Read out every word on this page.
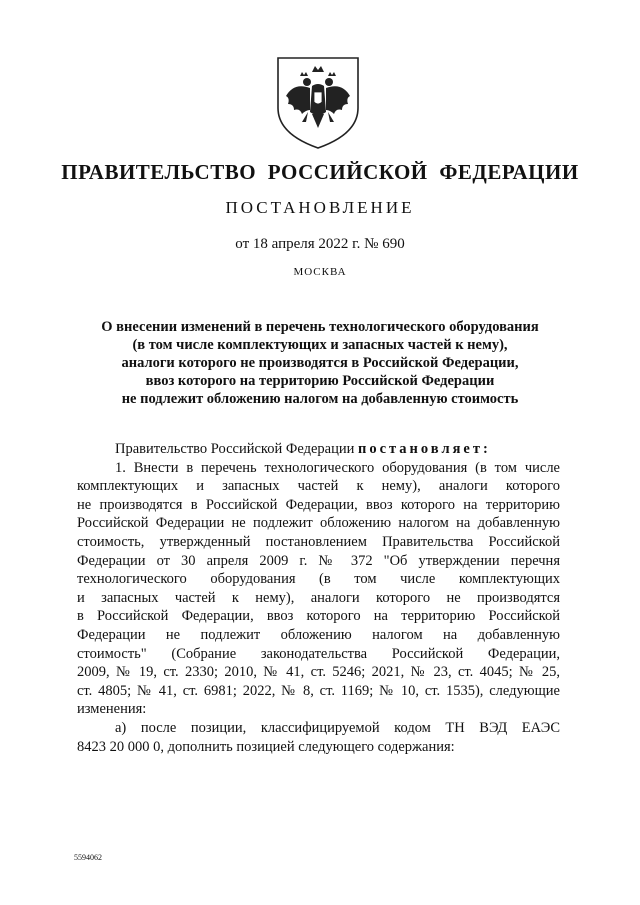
ПРАВИТЕЛЬСТВО РОССИЙСКОЙ ФЕДЕРАЦИИ
ПОСТАНОВЛЕНИЕ
от 18 апреля 2022 г. № 690
МОСКВА
О внесении изменений в перечень технологического оборудования
(в том числе комплектующих и запасных частей к нему),
аналоги которого не производятся в Российской Федерации,
ввоз которого на территорию Российской Федерации
не подлежит обложению налогом на добавленную стоимость
Правительство Российской Федерации постановляет:
1. Внести в перечень технологического оборудования (в том числе
комплектующих и запасных частей к нему), аналоги которого
не производятся в Российской Федерации, ввоз которого на территорию
Российской Федерации не подлежит обложению налогом на добавленную
стоимость, утвержденный постановлением Правительства Российской
Федерации от 30 апреля 2009 г. № 372 "Об утверждении перечня
технологического оборудования (в том числе комплектующих
и запасных частей к нему), аналоги которого не производятся
в Российской Федерации, ввоз которого на территорию Российской
Федерации не подлежит обложению налогом на добавленную
стоимость" (Собрание законодательства Российской Федерации,
2009, № 19, ст. 2330; 2010, № 41, ст. 5246; 2021, № 23, ст. 4045; № 25,
ст. 4805; № 41, ст. 6981; 2022, № 8, ст. 1169; № 10, ст. 1535), следующие
изменения:
а) после позиции, классифицируемой кодом ТН ВЭД ЕАЭС
8423 20 000 0, дополнить позицией следующего содержания:
5594062
